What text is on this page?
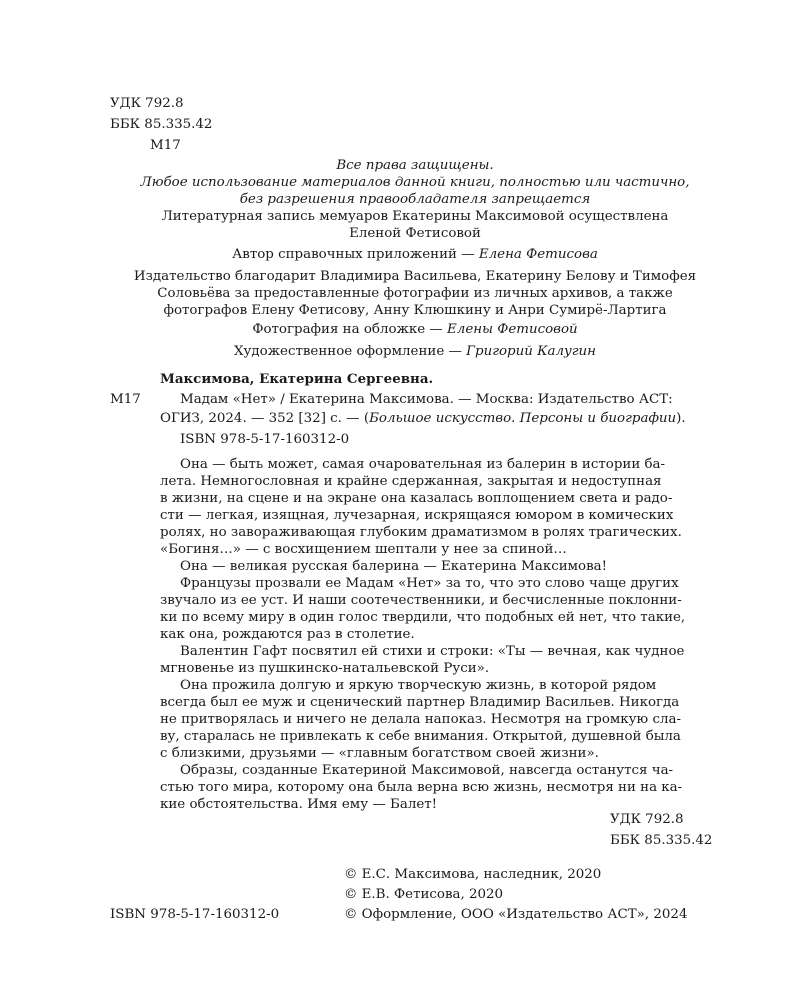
УДК 792.8
ББК 85.335.42
М17
Все права защищены.
Любое использование материалов данной книги, полностью или частично,
без разрешения правообладателя запрещается
Литературная запись мемуаров Екатерины Максимовой осуществлена
Еленой Фетисовой
Автор справочных приложений — Елена Фетисова
Издательство благодарит Владимира Васильева, Екатерину Белову и Тимофея
Соловьёва за предоставленные фотографии из личных архивов, а также
фотографов Елену Фетисову, Анну Клюшкину и Анри Сумирё-Лартига
Фотография на обложке — Елены Фетисовой
Художественное оформление — Григорий Калугин
Максимова, Екатерина Сергеевна.
М17	Мадам «Нет» / Екатерина Максимова. — Москва: Издательство АСТ:
ОГИЗ, 2024. — 352 [32] с. — (Большое искусство. Персоны и биографии).
ISBN 978-5-17-160312-0

Она — быть может, самая очаровательная из балерин в истории ба-
лета. Немногословная и крайне сдержанная, закрытая и недоступная
в жизни, на сцене и на экране она казалась воплощением света и радо-
сти — легкая, изящная, лучезарная, искрящаяся юмором в комических
ролях, но завораживающая глубоким драматизмом в ролях трагических.
«Богиня…» — с восхищением шептали у нее за спиной…

Она — великая русская балерина — Екатерина Максимова!

Французы прозвали ее Мадам «Нет» за то, что это слово чаще других
звучало из ее уст. И наши соотечественники, и бесчисленные поклонни-
ки по всему миру в один голос твердили, что подобных ей нет, что такие,
как она, рождаются раз в столетие.

Валентин Гафт посвятил ей стихи и строки: «Ты — вечная, как чудное
мгновенье из пушкинско-натальевской Руси».

Она прожила долгую и яркую творческую жизнь, в которой рядом
всегда был ее муж и сценический партнер Владимир Васильев. Никогда
не притворялась и ничего не делала напоказ. Несмотря на громкую сла-
ву, старалась не привлекать к себе внимания. Открытой, душевной была
с близкими, друзьями — «главным богатством своей жизни».

Образы, созданные Екатериной Максимовой, навсегда останутся ча-
стью того мира, которому она была верна всю жизнь, несмотря ни на ка-
кие обстоятельства. Имя ему — Балет!

УДК 792.8
ББК 85.335.42
© Е.С. Максимова, наследник, 2020
© Е.В. Фетисова, 2020
© Оформление, ООО «Издательство АСТ», 2024
ISBN 978-5-17-160312-0
